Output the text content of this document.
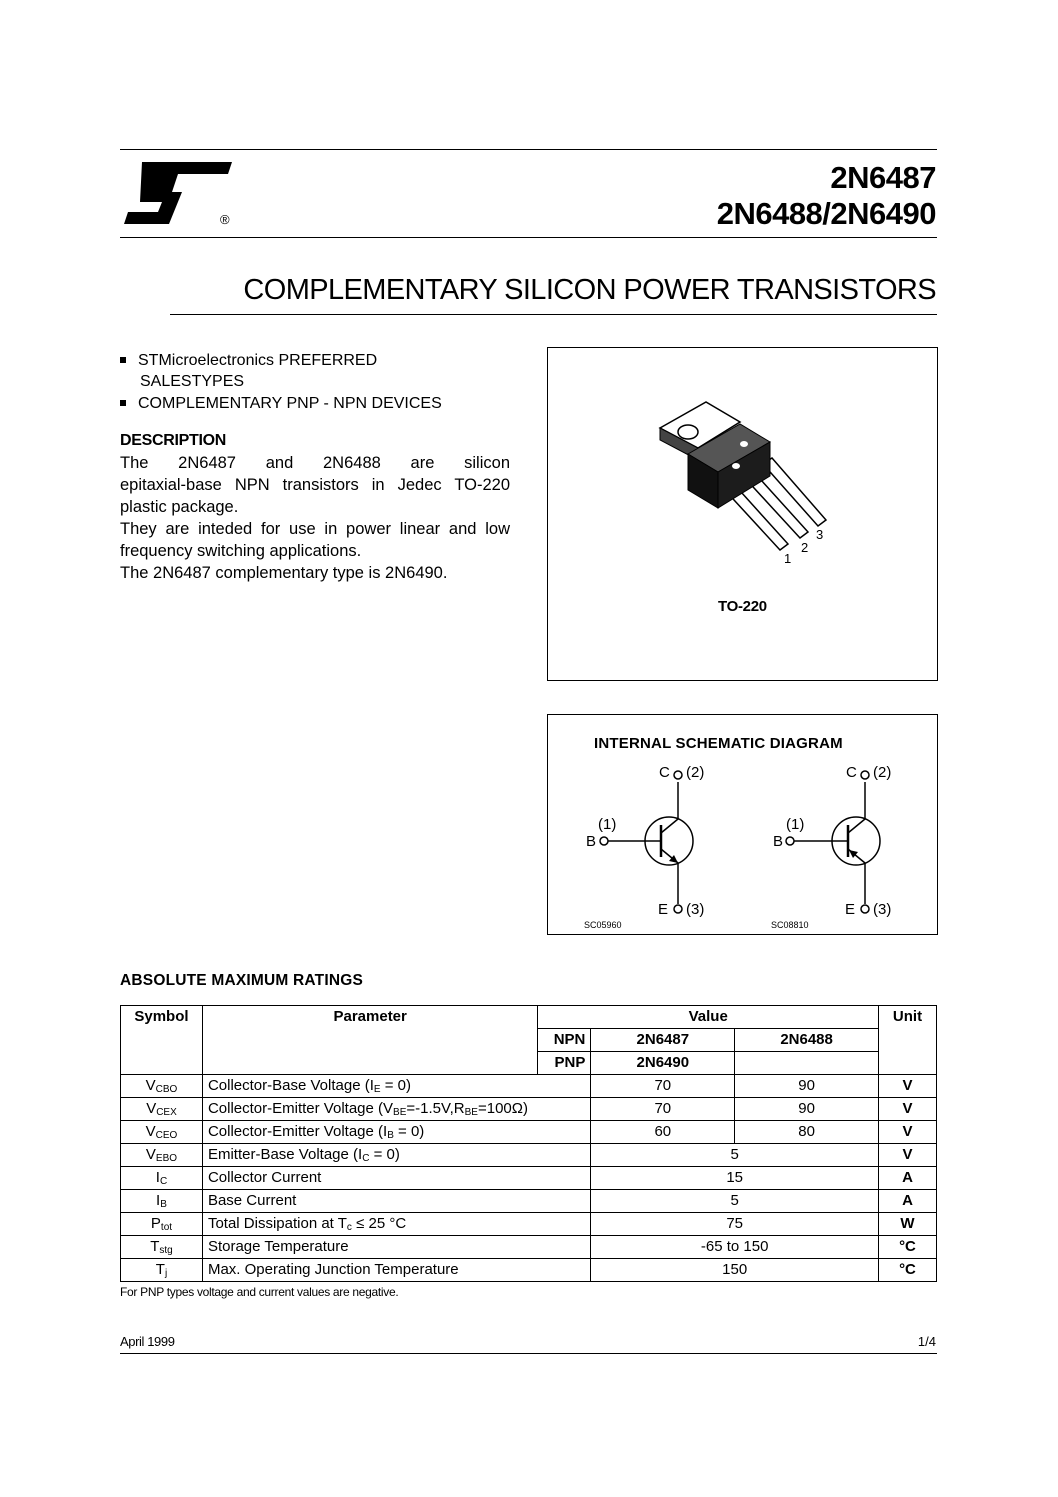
®
2N6487
2N6488/2N6490
COMPLEMENTARY SILICON POWER TRANSISTORS
STMicroelectronics PREFERRED
SALESTYPES
COMPLEMENTARY PNP - NPN DEVICES
DESCRIPTION

The 2N6487 and 2N6488 are silicon

epitaxial-base NPN transistors in Jedec TO-220

plastic package.

They are inteded for use in power linear and low

frequency switching applications.

The 2N6487 complementary type is 2N6490.

1
2
3
TO-220
INTERNAL SCHEMATIC DIAGRAM
C (2)
(1)
B
E (3)
SC05960
C (2)
(1)
B
E (3)
SC08810
ABSOLUTE MAXIMUM RATINGS
Symbol	Parameter	Value			Unit
		NPN	2N6487	2N6488	
		PNP	2N6490		
$V_{CBO}$	Collector-Base Voltage $(I_E = 0)$		70	90	V
$V_{CEX}$	Collector-Emitter Voltage $(V_{BE}=-1.5V,R_{BE}=100\Omega)$		70	90	V
$V_{CEO}$	Collector-Emitter Voltage $(I_B = 0)$		60	80	V
$V_{EBO}$	Emitter-Base Voltage $(I_C = 0)$		5		V
$I_C$	Collector Current		15		A
$I_B$	Base Current		5		A
$P_{tot}$	Total Dissipation at $T_c \le 25$ °C		75		W
$T_{stg}$	Storage Temperature		-65 to 150		°C
$T_j$	Max. Operating Junction Temperature		150		°C
For PNP types voltage and current values are negative.
April 1999	1/4
